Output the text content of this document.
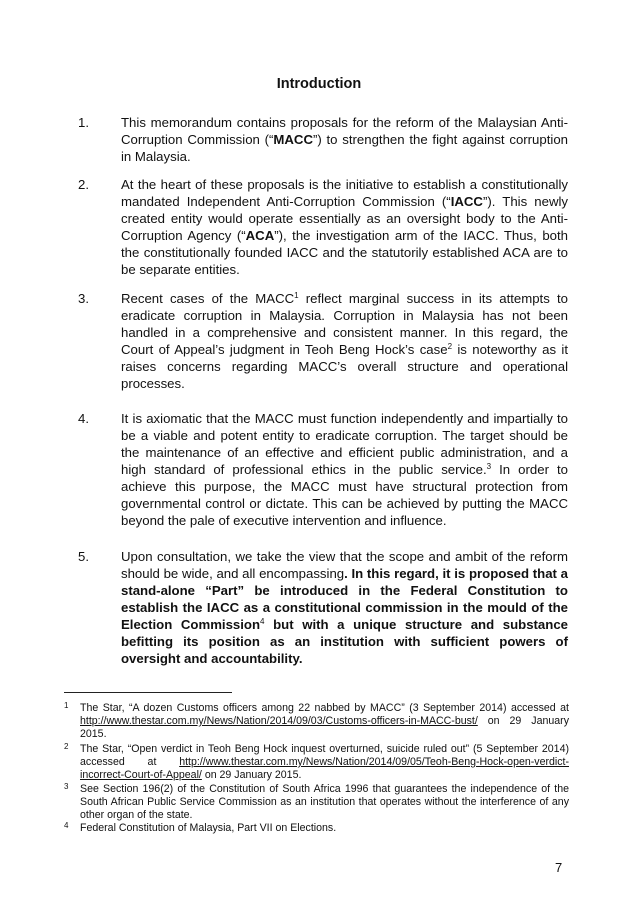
Introduction
1.	This memorandum contains proposals for the reform of the Malaysian Anti-Corruption Commission (“MACC”) to strengthen the fight against corruption in Malaysia.
2.	At the heart of these proposals is the initiative to establish a constitutionally mandated Independent Anti-Corruption Commission (“IACC”). This newly created entity would operate essentially as an oversight body to the Anti-Corruption Agency (“ACA”), the investigation arm of the IACC. Thus, both the constitutionally founded IACC and the statutorily established ACA are to be separate entities.
3.	Recent cases of the MACC$^1$ reflect marginal success in its attempts to eradicate corruption in Malaysia. Corruption in Malaysia has not been handled in a comprehensive and consistent manner. In this regard, the Court of Appeal’s judgment in Teoh Beng Hock’s case$^2$ is noteworthy as it raises concerns regarding MACC’s overall structure and operational processes.
4.	It is axiomatic that the MACC must function independently and impartially to be a viable and potent entity to eradicate corruption. The target should be the maintenance of an effective and efficient public administration, and a high standard of professional ethics in the public service.$^3$ In order to achieve this purpose, the MACC must have structural protection from governmental control or dictate. This can be achieved by putting the MACC beyond the pale of executive intervention and influence.
5.	Upon consultation, we take the view that the scope and ambit of the reform should be wide, and all encompassing. In this regard, it is proposed that a stand-alone “Part” be introduced in the Federal Constitution to establish the IACC as a constitutional commission in the mould of the Election Commission$^4$ but with a unique structure and substance befitting its position as an institution with sufficient powers of oversight and accountability.
1 The Star, “A dozen Customs officers among 22 nabbed by MACC” (3 September 2014) accessed at http://www.thestar.com.my/News/Nation/2014/09/03/Customs-officers-in-MACC-bust/ on 29 January 2015.
2 The Star, “Open verdict in Teoh Beng Hock inquest overturned, suicide ruled out” (5 September 2014) accessed at http://www.thestar.com.my/News/Nation/2014/09/05/Teoh-Beng-Hock-open-verdict-incorrect-Court-of-Appeal/ on 29 January 2015.
3 See Section 196(2) of the Constitution of South Africa 1996 that guarantees the independence of the South African Public Service Commission as an institution that operates without the interference of any other organ of the state.
4 Federal Constitution of Malaysia, Part VII on Elections.
7
